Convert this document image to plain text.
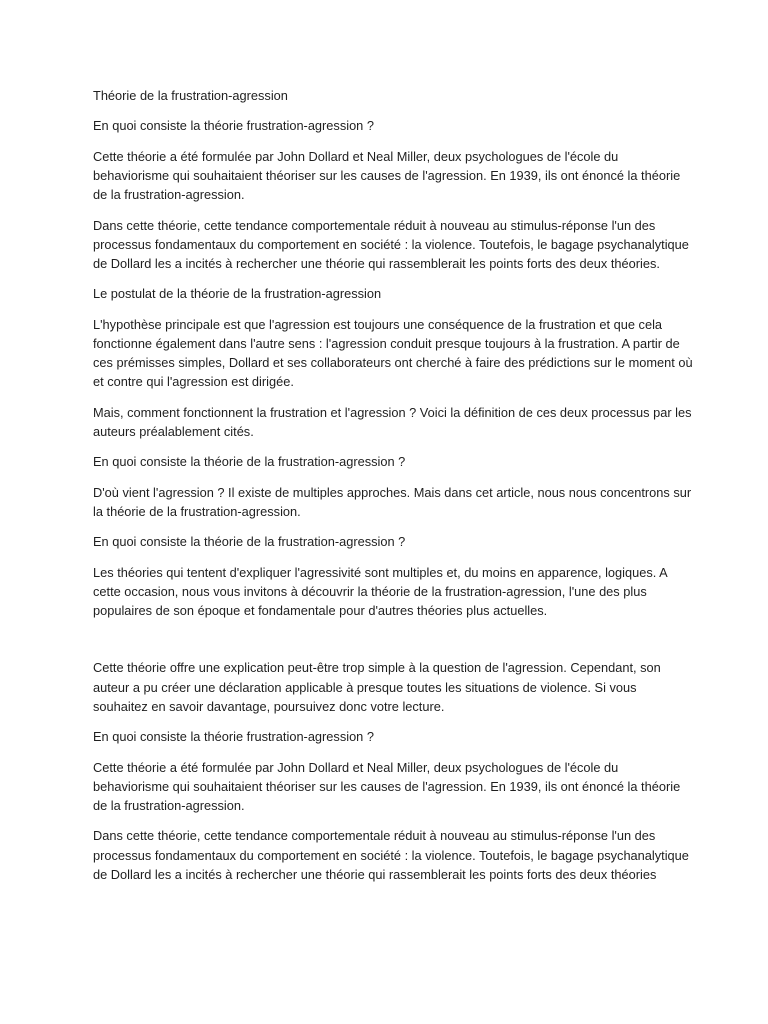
Théorie de la frustration-agression

En quoi consiste la théorie frustration-agression ?

Cette théorie a été formulée par John Dollard et Neal Miller, deux psychologues de l'école du behaviorisme qui souhaitaient théoriser sur les causes de l'agression. En 1939, ils ont énoncé la théorie de la frustration-agression.

Dans cette théorie, cette tendance comportementale réduit à nouveau au stimulus-réponse l'un des processus fondamentaux du comportement en société : la violence. Toutefois, le bagage psychanalytique de Dollard les a incités à rechercher une théorie qui rassemblerait les points forts des deux théories.

Le postulat de la théorie de la frustration-agression

L'hypothèse principale est que l'agression est toujours une conséquence de la frustration et que cela fonctionne également dans l'autre sens : l'agression conduit presque toujours à la frustration. A partir de ces prémisses simples, Dollard et ses collaborateurs ont cherché à faire des prédictions sur le moment où et contre qui l'agression est dirigée.

Mais, comment fonctionnent la frustration et l'agression ? Voici la définition de ces deux processus par les auteurs préalablement cités.

En quoi consiste la théorie de la frustration-agression ?

D'où vient l'agression ? Il existe de multiples approches. Mais dans cet article, nous nous concentrons sur la théorie de la frustration-agression.

En quoi consiste la théorie de la frustration-agression ?

Les théories qui tentent d'expliquer l'agressivité sont multiples et, du moins en apparence, logiques. A cette occasion, nous vous invitons à découvrir la théorie de la frustration-agression, l'une des plus populaires de son époque et fondamentale pour d'autres théories plus actuelles.

Cette théorie offre une explication peut-être trop simple à la question de l'agression. Cependant, son auteur a pu créer une déclaration applicable à presque toutes les situations de violence. Si vous souhaitez en savoir davantage, poursuivez donc votre lecture.

En quoi consiste la théorie frustration-agression ?

Cette théorie a été formulée par John Dollard et Neal Miller, deux psychologues de l'école du behaviorisme qui souhaitaient théoriser sur les causes de l'agression. En 1939, ils ont énoncé la théorie de la frustration-agression.

Dans cette théorie, cette tendance comportementale réduit à nouveau au stimulus-réponse l'un des processus fondamentaux du comportement en société : la violence. Toutefois, le bagage psychanalytique de Dollard les a incités à rechercher une théorie qui rassemblerait les points forts des deux théories
